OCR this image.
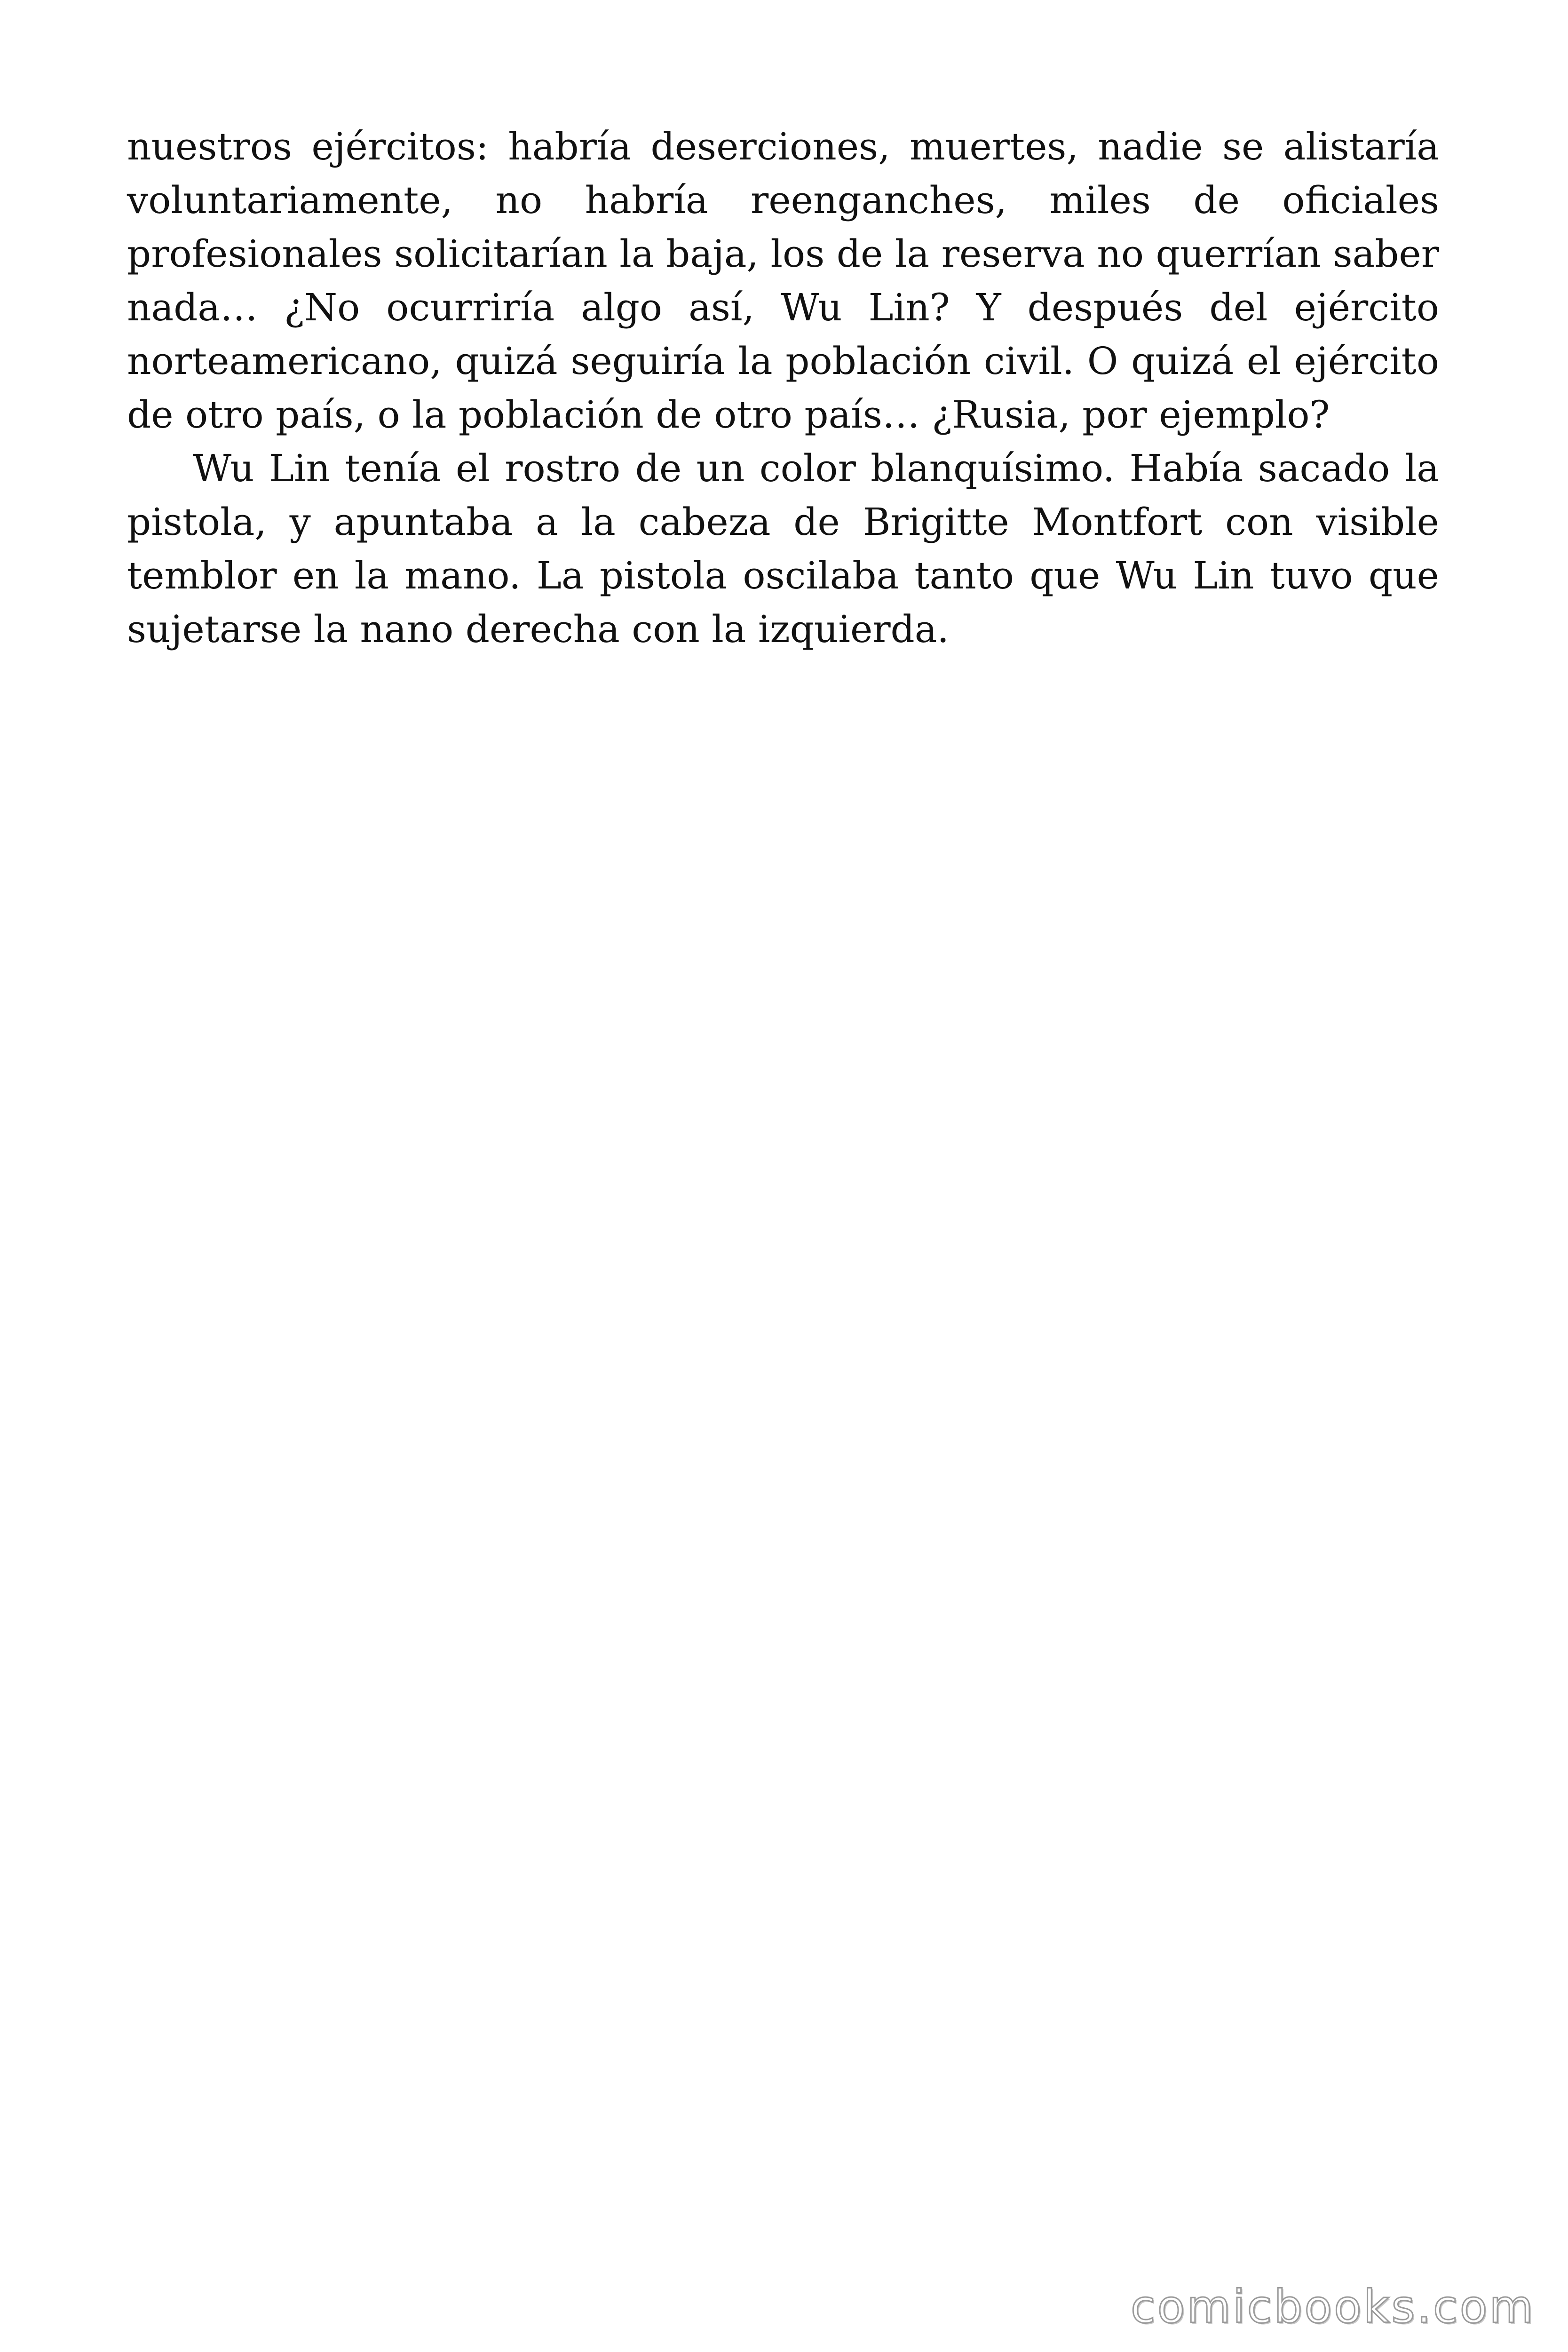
nuestros ejércitos: habría deserciones, muertes, nadie se alistaría voluntariamente, no habría reenganches, miles de oficiales profesionales solicitarían la baja, los de la reserva no querrían saber nada… ¿No ocurriría algo así, Wu Lin? Y después del ejército norteamericano, quizá seguiría la población civil. O quizá el ejército de otro país, o la población de otro país… ¿Rusia, por ejemplo?

Wu Lin tenía el rostro de un color blanquísimo. Había sacado la pistola, y apuntaba a la cabeza de Brigitte Montfort con visible temblor en la mano. La pistola oscilaba tanto que Wu Lin tuvo que sujetarse la nano derecha con la izquierda.

comicbooks.com
